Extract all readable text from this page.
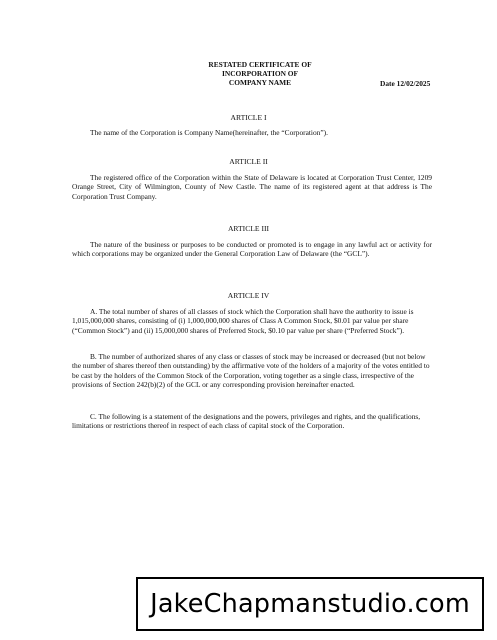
RESTATED CERTIFICATE OF
INCORPORATION OF
COMPANY NAME	Date 12/02/2025
ARTICLE I
The name of the Corporation is Company Name(hereinafter, the “Corporation”).
ARTICLE II
The registered office of the Corporation within the State of Delaware is located at Corporation Trust Center, 1209 Orange Street, City of Wilmington, County of New Castle. The name of its registered agent at that address is The Corporation Trust Company.
ARTICLE III
The nature of the business or purposes to be conducted or promoted is to engage in any lawful act or activity for which corporations may be organized under the General Corporation Law of Delaware (the “GCL”).
ARTICLE IV
A. The total number of shares of all classes of stock which the Corporation shall have the authority to issue is 1,015,000,000 shares, consisting of (i) 1,000,000,000 shares of Class A Common Stock, $0.01 par value per share (“Common Stock”) and (ii) 15,000,000 shares of Preferred Stock, $0.10 par value per share (“Preferred Stock”).
B. The number of authorized shares of any class or classes of stock may be increased or decreased (but not below the number of shares thereof then outstanding) by the affirmative vote of the holders of a majority of the votes entitled to be cast by the holders of the Common Stock of the Corporation, voting together as a single class, irrespective of the provisions of Section 242(b)(2) of the GCL or any corresponding provision hereinafter enacted.
C. The following is a statement of the designations and the powers, privileges and rights, and the qualifications, limitations or restrictions thereof in respect of each class of capital stock of the Corporation.
JakeChapmanstudio.com
